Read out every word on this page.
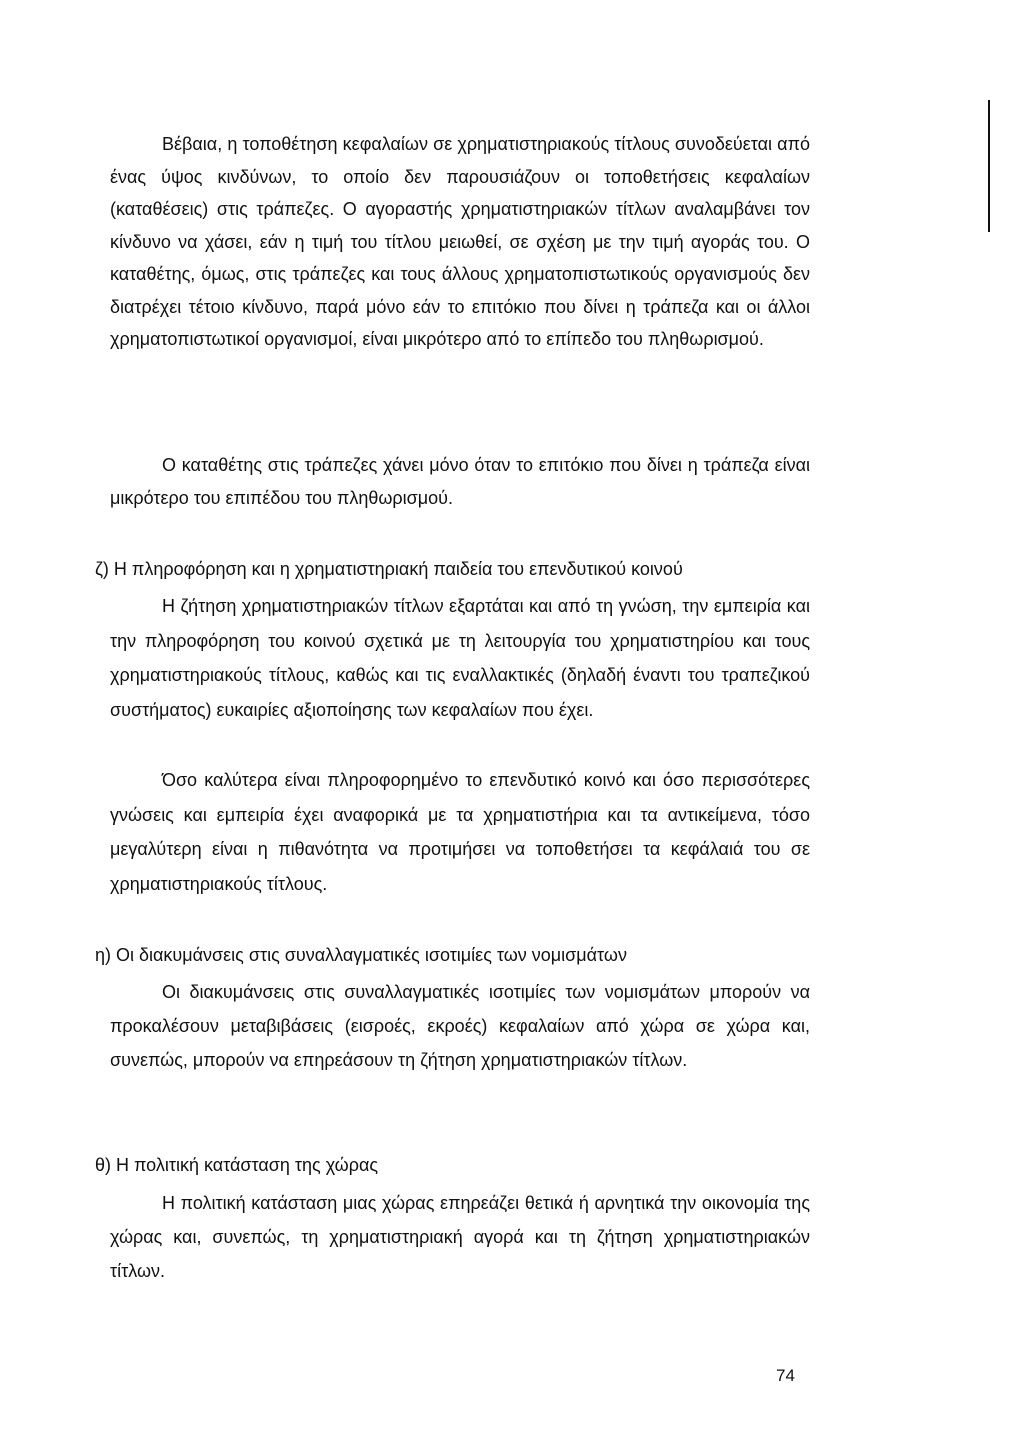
Βέβαια, η τοποθέτηση κεφαλαίων σε χρηματιστηριακούς τίτλους συνοδεύεται από ένας ύψος κινδύνων, το οποίο δεν παρουσιάζουν οι τοποθετήσεις κεφαλαίων (καταθέσεις) στις τράπεζες. Ο αγοραστής χρηματιστηριακών τίτλων αναλαμβάνει τον κίνδυνο να χάσει, εάν η τιμή του τίτλου μειωθεί, σε σχέση με την τιμή αγοράς του. Ο καταθέτης, όμως, στις τράπεζες και τους άλλους χρηματοπιστωτικούς οργανισμούς δεν διατρέχει τέτοιο κίνδυνο, παρά μόνο εάν το επιτόκιο που δίνει η τράπεζα και οι άλλοι χρηματοπιστωτικοί οργανισμοί, είναι μικρότερο από το επίπεδο του πληθωρισμού.

Ο καταθέτης στις τράπεζες χάνει μόνο όταν το επιτόκιο που δίνει η τράπεζα είναι μικρότερο του επιπέδου του πληθωρισμού.

ζ) Η πληροφόρηση και η χρηματιστηριακή παιδεία του επενδυτικού κοινού

Η ζήτηση χρηματιστηριακών τίτλων εξαρτάται και από τη γνώση, την εμπειρία και την πληροφόρηση του κοινού σχετικά με τη λειτουργία του χρηματιστηρίου και τους χρηματιστηριακούς τίτλους, καθώς και τις εναλλακτικές (δηλαδή έναντι του τραπεζικού συστήματος) ευκαιρίες αξιοποίησης των κεφαλαίων που έχει.

Όσο καλύτερα είναι πληροφορημένο το επενδυτικό κοινό και όσο περισσότερες γνώσεις και εμπειρία έχει αναφορικά με τα χρηματιστήρια και τα αντικείμενα, τόσο μεγαλύτερη είναι η πιθανότητα να προτιμήσει να τοποθετήσει τα κεφάλαιά του σε χρηματιστηριακούς τίτλους.

η) Οι διακυμάνσεις στις συναλλαγματικές ισοτιμίες των νομισμάτων

Οι διακυμάνσεις στις συναλλαγματικές ισοτιμίες των νομισμάτων μπορούν να προκαλέσουν μεταβιβάσεις (εισροές, εκροές) κεφαλαίων από χώρα σε χώρα και, συνεπώς, μπορούν να επηρεάσουν τη ζήτηση χρηματιστηριακών τίτλων.

θ) Η πολιτική κατάσταση της χώρας

Η πολιτική κατάσταση μιας χώρας επηρεάζει θετικά ή αρνητικά την οικονομία της χώρας και, συνεπώς, τη χρηματιστηριακή αγορά και τη ζήτηση χρηματιστηριακών τίτλων.

74
